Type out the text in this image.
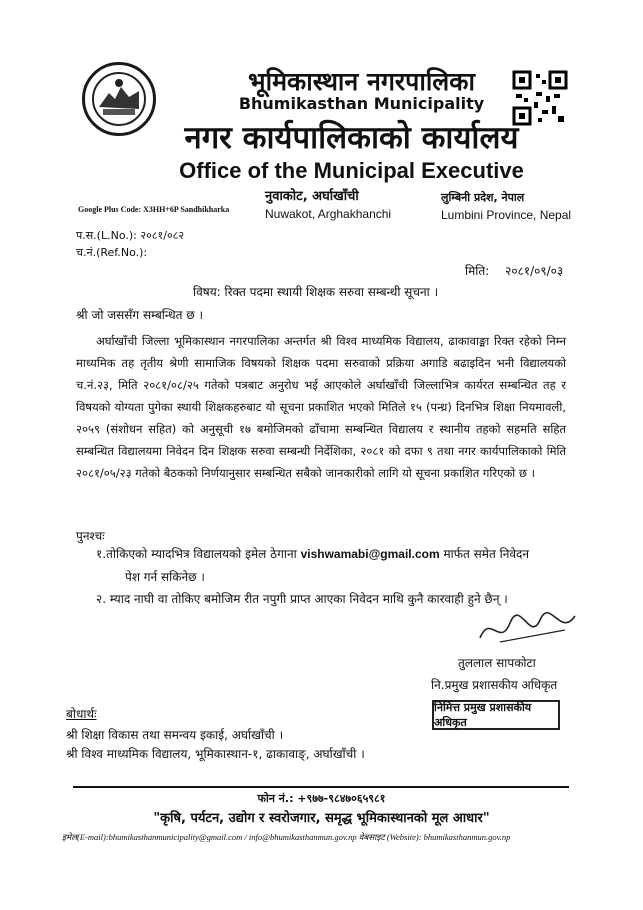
भूमिकास्थान नगरपालिका
Bhumikasthan Municipality
नगर कार्यपालिकाको कार्यालय
Office of the Municipal Executive
Google Plus Code: X3HH+6P Sandhikharka
नुवाकोट, अर्घाखाँची
Nuwakot, Arghakhanchi
लुम्बिनी प्रदेश, नेपाल
Lumbini Province, Nepal
प.स.(L.No.): २०८१/०८२
च.नं.(Ref.No.):
मिति: २०८१/०९/०३
विषय: रिक्त पदमा स्थायी शिक्षक सरुवा सम्बन्धी सूचना ।
श्री जो जससँग सम्बन्धित छ ।
अर्घाखाँची जिल्ला भूमिकास्थान नगरपालिका अन्तर्गत श्री विश्व माध्यमिक विद्यालय, ढाकावाङ्मा रिक्त रहेको निम्न माध्यमिक तह तृतीय श्रेणी सामाजिक विषयको शिक्षक पदमा सरुवाको प्रक्रिया अगाडि बढाइदिन भनी विद्यालयको च.नं.२३, मिति २०८१/०८/२५ गतेको पत्रबाट अनुरोध भई आएकोले अर्घाखाँची जिल्लाभित्र कार्यरत सम्बन्धित तह र विषयको योग्यता पुगेका स्थायी शिक्षकहरुबाट यो सूचना प्रकाशित भएको मितिले १५ (पन्ध्र) दिनभित्र शिक्षा नियमावली, २०५९ (संशोधन सहित) को अनुसूची १७ बमोजिमको ढाँचामा सम्बन्धित विद्यालय र स्थानीय तहको सहमति सहित सम्बन्धित विद्यालयमा निवेदन दिन शिक्षक सरुवा सम्बन्धी निर्देशिका, २०८१ को दफा ९ तथा नगर कार्यपालिकाको मिति २०८१/०५/२३ गतेको बैठकको निर्णयानुसार सम्बन्धित सबैको जानकारीको लागि यो सूचना प्रकाशित गरिएको छ ।
पुनश्चः
१.तोकिएको म्यादभित्र विद्यालयको इमेल ठेगाना vishwamabi@gmail.com मार्फत समेत निवेदन
पेश गर्न सकिनेछ ।
२. म्याद नाघी वा तोकिए बमोजिम रीत नपुगी प्राप्त आएका निवेदन माथि कुनै कारवाही हुने छैन् ।
तुललाल सापकोटा
नि.प्रमुख प्रशासकीय अधिकृत
निमित्त प्रमुख प्रशासकीय अधिकृत
बोधार्थः
श्री शिक्षा विकास तथा समन्वय इकाई, अर्घाखाँची ।
श्री विश्व माध्यमिक विद्यालय, भूमिकास्थान-१, ढाकावाङ्, अर्घाखाँची ।
फोन नं.: +९७७-९८४७०६५९८१
"कृषि, पर्यटन, उद्योग र स्वरोजगार, समृद्ध भूमिकास्थानको मूल आधार"
इमेल(E-mail):bhumikasthanmunicipality@gmail.com / info@bhumikasthanmun.gov.np वेबसाइट (Website): bhumikasthanmun.gov.np
